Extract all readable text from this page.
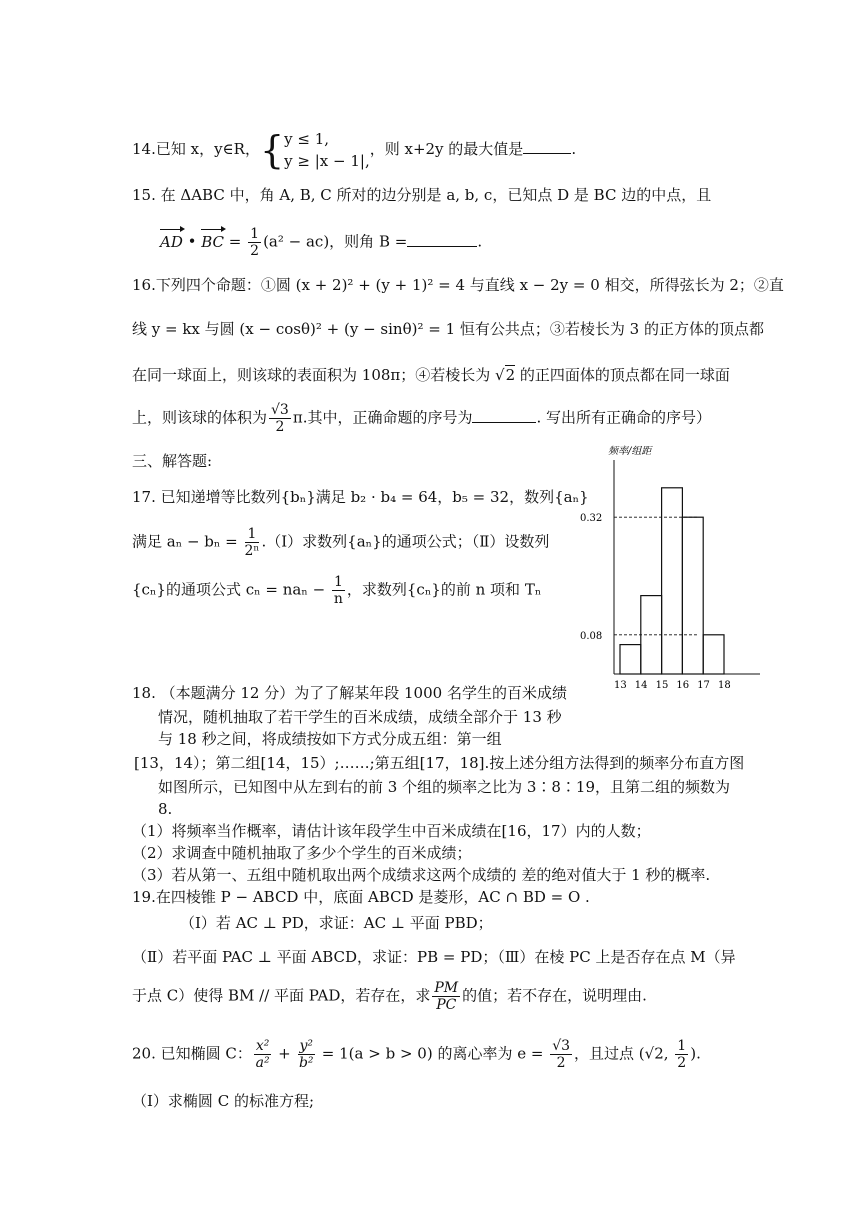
14.已知 x，y∈R，{ y ≤ 1,
y ≥ |x − 1|,
，则 x+2y 的最大值是	.
15. 在 ΔABC 中，角 A, B, C 所对的边分别是 a, b, c，已知点 D 是 BC 边的中点，且
AD • BC = $\frac{1}{2} (a^2 - ac)$，则角 B =	.
16.下列四个命题：①圆 (x + 2)² + (y + 1)² = 4 与直线 x − 2y = 0 相交，所得弦长为 2；②直
线 y = kx 与圆 (x − cosθ)² + (y − sinθ)² = 1 恒有公共点；③若棱长为 3 的正方体的顶点都
在同一球面上，则该球的表面积为 108π；④若棱长为 √2 的正四面体的顶点都在同一球面
上，则该球的体积为 $\frac{√3}{2} \pi$.其中，正确命题的序号为	. 写出所有正确命的序号）
三、解答题:
17. 已知递增等比数列{bₙ}满足 b₂ · b₄ = 64，b₅ = 32，数列{aₙ}
满足 $a_n - b_n = \frac{1}{\text{2ⁿ}}$ .（Ⅰ）求数列{aₙ}的通项公式；（Ⅱ）设数列
{cₙ}的通项公式 $c_n = na_n - \frac{1}{n}$ ，求数列{cₙ}的前 n 项和 Tₙ
频率/组距
0.32
0.08
13 14 15 16 17 18
18. （本题满分 12 分）为了了解某年段 1000 名学生的百米成绩
情况，随机抽取了若干学生的百米成绩，成绩全部介于 13 秒
与 18 秒之间，将成绩按如下方式分成五组：第一组
[13，14）；第二组[14，15）;……;第五组[17，18].按上述分组方法得到的频率分布直方图
如图所示，已知图中从左到右的前 3 个组的频率之比为 3∶8∶19，且第二组的频数为
8.
（1）将频率当作概率，请估计该年段学生中百米成绩在[16，17）内的人数；
（2）求调查中随机抽取了多少个学生的百米成绩；
（3）若从第一、五组中随机取出两个成绩求这两个成绩的 差的绝对值大于 1 秒的概率.
19.在四棱锥 P − ABCD 中，底面 ABCD 是菱形，AC ∩ BD = O .
（Ⅰ）若 AC ⊥ PD，求证：AC ⊥ 平面 PBD；
（Ⅱ）若平面 PAC ⊥ 平面 ABCD，求证：PB = PD；（Ⅲ）在棱 PC 上是否存在点 M（异
于点 C）使得 BM // 平面 PAD，若存在，求 $\frac{PM}{PC}$ 的值；若不存在，说明理由.
20. 已知椭圆 C： $\frac{\text{x²}}{\text{a²}} + \frac{\text{y²}}{\text{b²}} = 1(a > b > 0)$ 的离心率为 $e = \frac{√3}{2}$ ，且过点 (√2, $\frac{1}{2}$ ).
（Ⅰ）求椭圆 C 的标准方程;
